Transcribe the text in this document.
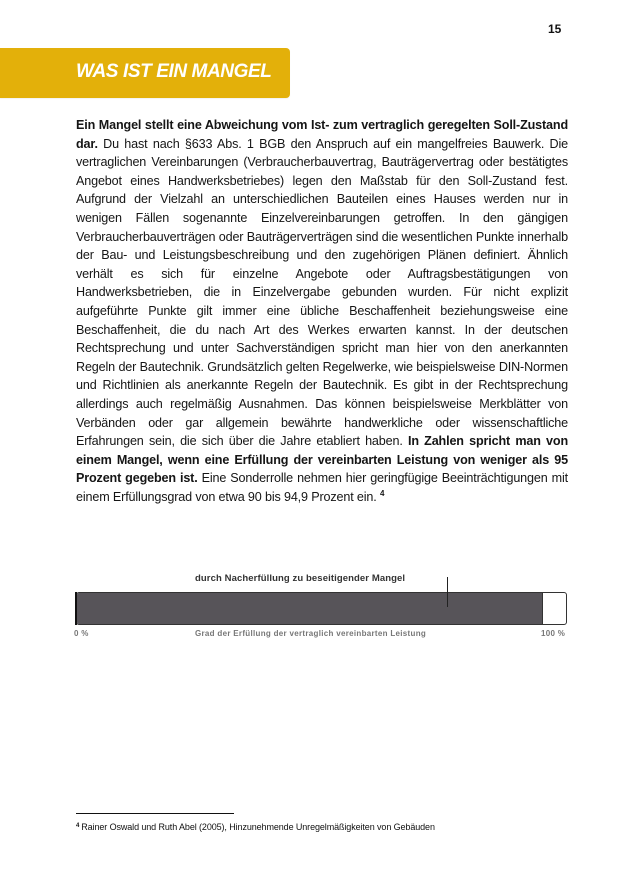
15
WAS IST EIN MANGEL
Ein Mangel stellt eine Abweichung vom Ist- zum vertraglich geregelten Soll-Zustand dar. Du hast nach §633 Abs. 1 BGB den Anspruch auf ein mangelfreies Bauwerk. Die vertraglichen Vereinbarungen (Verbraucherbauvertrag, Bauträgervertrag oder bestätigtes Angebot eines Handwerksbetriebes) legen den Maßstab für den Soll-Zustand fest. Aufgrund der Vielzahl an unterschiedlichen Bauteilen eines Hauses werden nur in wenigen Fällen sogenannte Einzelvereinbarungen getroffen. In den gängigen Verbraucherbauverträgen oder Bauträgerverträgen sind die wesentlichen Punkte innerhalb der Bau- und Leistungsbeschreibung und den zugehörigen Plänen definiert. Ähnlich verhält es sich für einzelne Angebote oder Auftragsbestätigungen von Handwerksbetrieben, die in Einzelvergabe gebunden wurden. Für nicht explizit aufgeführte Punkte gilt immer eine übliche Beschaffenheit beziehungsweise eine Beschaffenheit, die du nach Art des Werkes erwarten kannst. In der deutschen Rechtsprechung und unter Sachverständigen spricht man hier von den anerkannten Regeln der Bautechnik. Grundsätzlich gelten Regelwerke, wie beispielsweise DIN-Normen und Richtlinien als anerkannte Regeln der Bautechnik. Es gibt in der Rechtsprechung allerdings auch regelmäßig Ausnahmen. Das können beispielsweise Merkblätter von Verbänden oder gar allgemein bewährte handwerkliche oder wissenschaftliche Erfahrungen sein, die sich über die Jahre etabliert haben. In Zahlen spricht man von einem Mangel, wenn eine Erfüllung der vereinbarten Leistung von weniger als 95 Prozent gegeben ist. Eine Sonderrolle nehmen hier geringfügige Beeinträchtigungen mit einem Erfüllungsgrad von etwa 90 bis 94,9 Prozent ein. $^4$
durch Nacherfüllung zu beseitigender Mangel
0 %	Grad der Erfüllung der vertraglich vereinbarten Leistung	100 %
$^4$ Rainer Oswald und Ruth Abel (2005), Hinzunehmende Unregelmäßigkeiten von Gebäuden
